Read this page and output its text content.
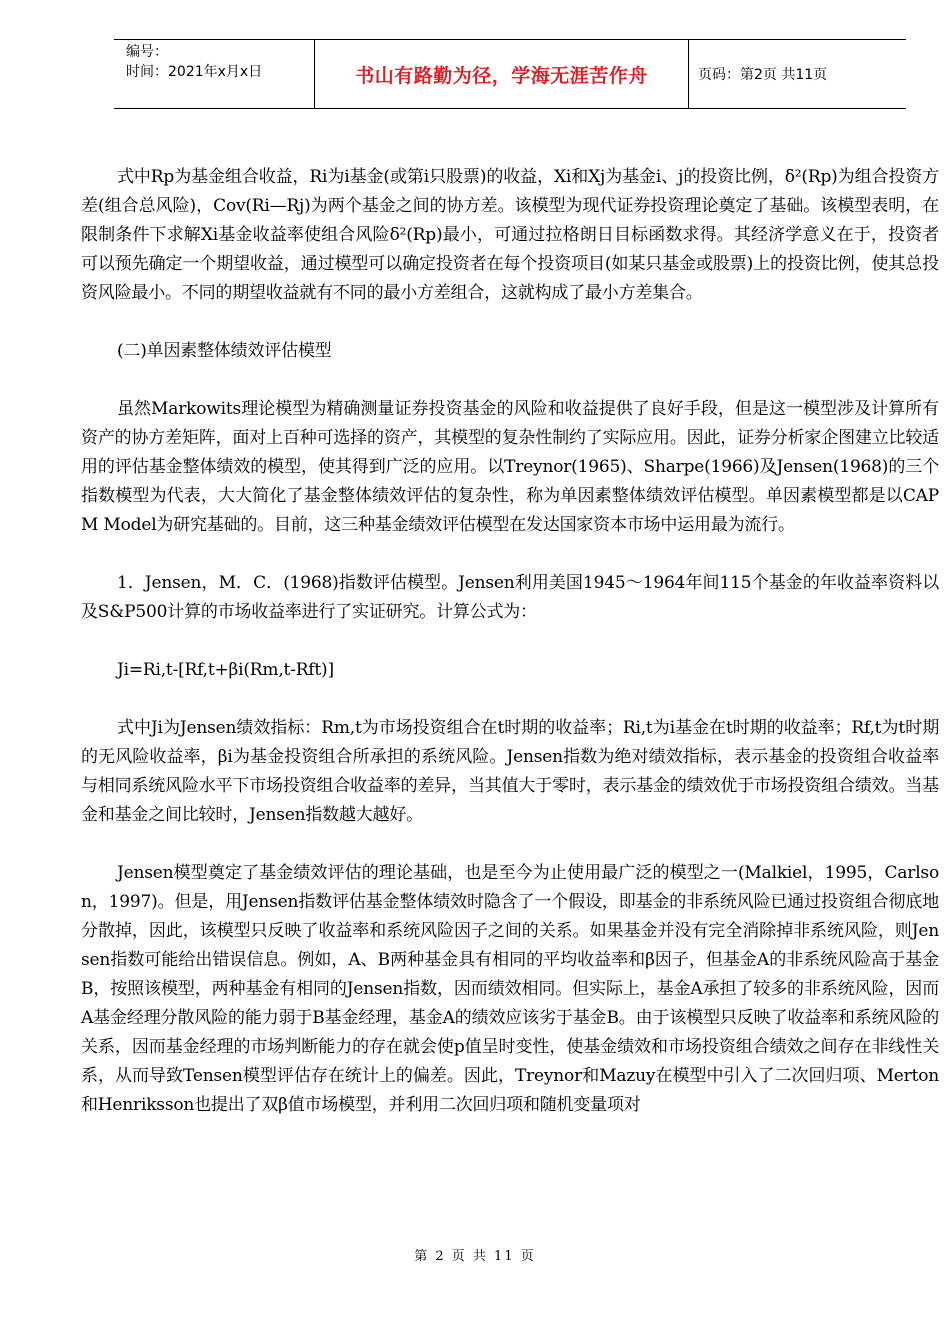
编号：
时间：2021年x月x日	书山有路勤为径，学海无涯苦作舟	页码：第2页 共11页

式中Rp为基金组合收益，Ri为i基金(或第i只股票)的收益，Xi和Xj为基金i、j的投资比例，δ²(Rp)为组合投资方差(组合总风险)，Cov(Ri—Rj)为两个基金之间的协方差。该模型为现代证券投资理论奠定了基础。该模型表明，在限制条件下求解Xi基金收益率使组合风险δ²(Rp)最小，可通过拉格朗日目标函数求得。其经济学意义在于，投资者可以预先确定一个期望收益，通过模型可以确定投资者在每个投资项目(如某只基金或股票)上的投资比例，使其总投资风险最小。不同的期望收益就有不同的最小方差组合，这就构成了最小方差集合。

(二)单因素整体绩效评估模型

虽然Markowits理论模型为精确测量证券投资基金的风险和收益提供了良好手段，但是这一模型涉及计算所有资产的协方差矩阵，面对上百种可选择的资产，其模型的复杂性制约了实际应用。因此，证券分析家企图建立比较适用的评估基金整体绩效的模型，使其得到广泛的应用。以Treynor(1965)、Sharpe(1966)及Jensen(1968)的三个指数模型为代表，大大简化了基金整体绩效评估的复杂性，称为单因素整体绩效评估模型。单因素模型都是以CAPM Model为研究基础的。目前，这三种基金绩效评估模型在发达国家资本市场中运用最为流行。

1．Jensen，M．C．(1968)指数评估模型。Jensen利用美国1945～1964年间115个基金的年收益率资料以及S&P500计算的市场收益率进行了实证研究。计算公式为：

Ji=Ri,t-[Rf,t+βi(Rm,t-Rft)]

式中Ji为Jensen绩效指标：Rm,t为市场投资组合在t时期的收益率；Ri,t为i基金在t时期的收益率；Rf,t为t时期的无风险收益率，βi为基金投资组合所承担的系统风险。Jensen指数为绝对绩效指标，表示基金的投资组合收益率与相同系统风险水平下市场投资组合收益率的差异，当其值大于零时，表示基金的绩效优于市场投资组合绩效。当基金和基金之间比较时，Jensen指数越大越好。

Jensen模型奠定了基金绩效评估的理论基础，也是至今为止使用最广泛的模型之一(Malkiel，1995，Carlson，1997)。但是，用Jensen指数评估基金整体绩效时隐含了一个假设，即基金的非系统风险已通过投资组合彻底地分散掉，因此，该模型只反映了收益率和系统风险因子之间的关系。如果基金并没有完全消除掉非系统风险，则Jensen指数可能给出错误信息。例如，A、B两种基金具有相同的平均收益率和β因子，但基金A的非系统风险高于基金B，按照该模型，两种基金有相同的Jensen指数，因而绩效相同。但实际上，基金A承担了较多的非系统风险，因而A基金经理分散风险的能力弱于B基金经理，基金A的绩效应该劣于基金B。由于该模型只反映了收益率和系统风险的关系，因而基金经理的市场判断能力的存在就会使p值呈时变性，使基金绩效和市场投资组合绩效之间存在非线性关系，从而导致Tensen模型评估存在统计上的偏差。因此，Treynor和Mazuy在模型中引入了二次回归项、Merton和Henriksson也提出了双β值市场模型，并利用二次回归项和随机变量项对

第 2 页 共 11 页
